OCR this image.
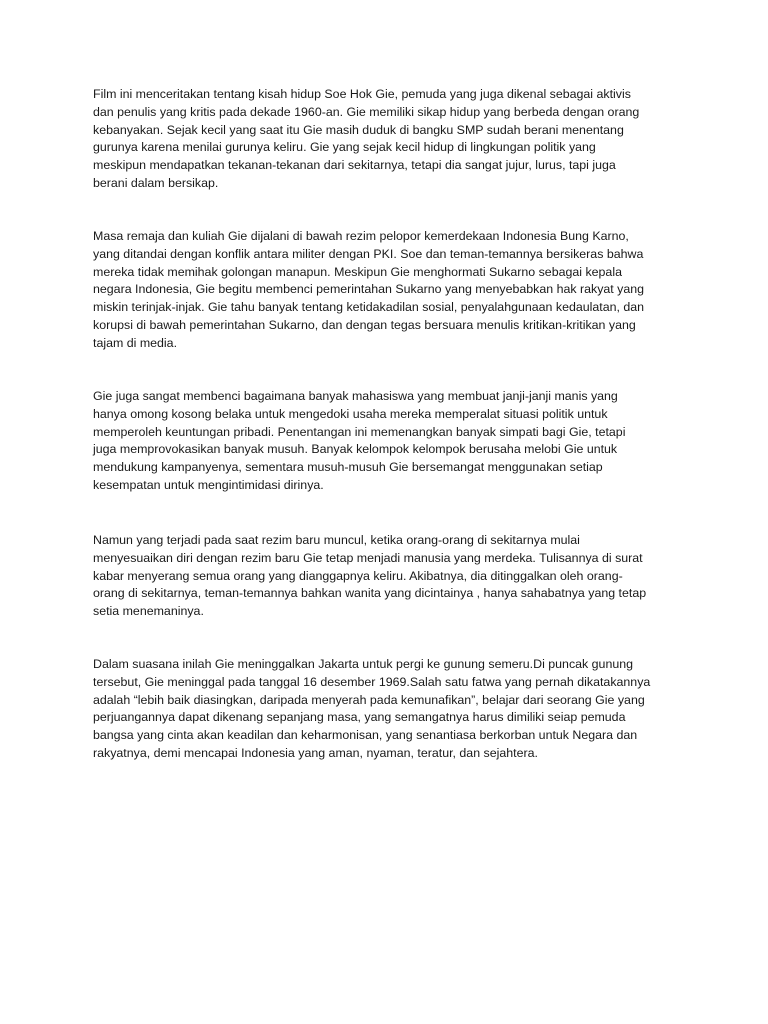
Film ini menceritakan tentang kisah hidup Soe Hok Gie, pemuda yang juga dikenal sebagai aktivis
dan penulis yang kritis pada dekade 1960-an. Gie memiliki sikap hidup yang berbeda dengan orang
kebanyakan. Sejak kecil yang saat itu Gie masih duduk di bangku SMP sudah berani menentang
gurunya karena menilai gurunya keliru. Gie yang sejak kecil hidup di lingkungan politik yang
meskipun mendapatkan tekanan-tekanan dari sekitarnya, tetapi dia sangat jujur, lurus, tapi juga
berani dalam bersikap.

Masa remaja dan kuliah Gie dijalani di bawah rezim pelopor kemerdekaan Indonesia Bung Karno,
yang ditandai dengan konflik antara militer dengan PKI. Soe dan teman-temannya bersikeras bahwa
mereka tidak memihak golongan manapun. Meskipun Gie menghormati Sukarno sebagai kepala
negara Indonesia, Gie begitu membenci pemerintahan Sukarno yang menyebabkan hak rakyat yang
miskin terinjak-injak. Gie tahu banyak tentang ketidakadilan sosial, penyalahgunaan kedaulatan, dan
korupsi di bawah pemerintahan Sukarno, dan dengan tegas bersuara menulis kritikan-kritikan yang
tajam di media.

Gie juga sangat membenci bagaimana banyak mahasiswa yang membuat janji-janji manis yang
hanya omong kosong belaka untuk mengedoki usaha mereka memperalat situasi politik untuk
memperoleh keuntungan pribadi. Penentangan ini memenangkan banyak simpati bagi Gie, tetapi
juga memprovokasikan banyak musuh. Banyak kelompok kelompok berusaha melobi Gie untuk
mendukung kampanyenya, sementara musuh-musuh Gie bersemangat menggunakan setiap
kesempatan untuk mengintimidasi dirinya.

Namun yang terjadi pada saat rezim baru muncul, ketika orang-orang di sekitarnya mulai
menyesuaikan diri dengan rezim baru Gie tetap menjadi manusia yang merdeka. Tulisannya di surat
kabar menyerang semua orang yang dianggapnya keliru. Akibatnya, dia ditinggalkan oleh orang-
orang di sekitarnya, teman-temannya bahkan wanita yang dicintainya , hanya sahabatnya yang tetap
setia menemaninya.

Dalam suasana inilah Gie meninggalkan Jakarta untuk pergi ke gunung semeru.Di puncak gunung
tersebut, Gie meninggal pada tanggal 16 desember 1969.Salah satu fatwa yang pernah dikatakannya
adalah “lebih baik diasingkan, daripada menyerah pada kemunafikan”, belajar dari seorang Gie yang
perjuangannya dapat dikenang sepanjang masa, yang semangatnya harus dimiliki seiap pemuda
bangsa yang cinta akan keadilan dan keharmonisan, yang senantiasa berkorban untuk Negara dan
rakyatnya, demi mencapai Indonesia yang aman, nyaman, teratur, dan sejahtera.
